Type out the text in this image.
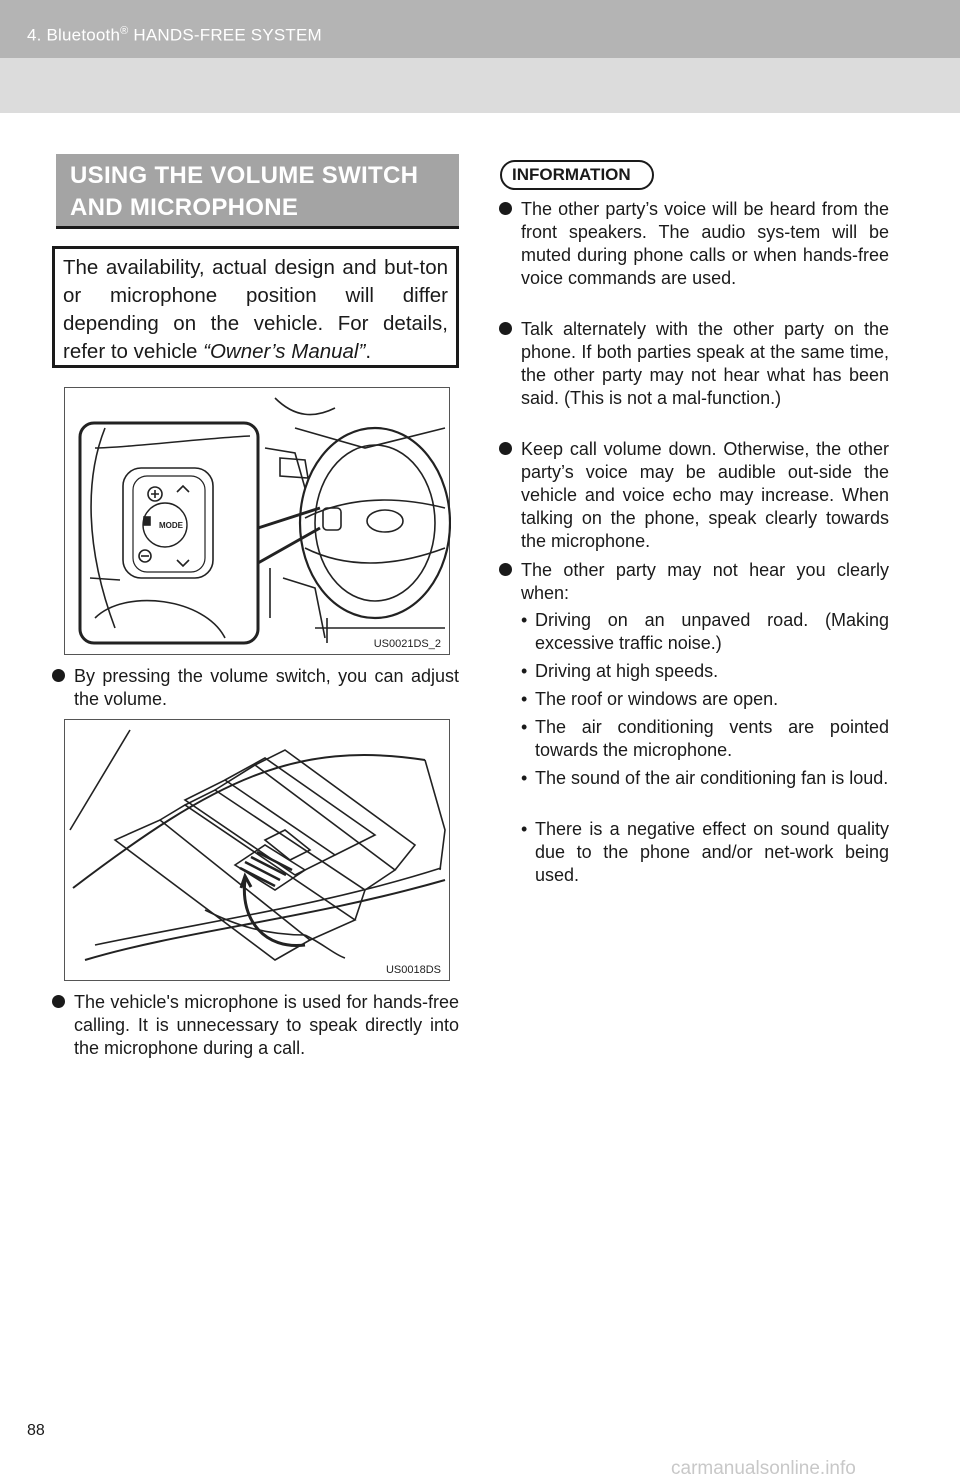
4. Bluetooth® HANDS-FREE SYSTEM
USING THE VOLUME SWITCH
AND MICROPHONE
The availability, actual design and but-ton or microphone position will differ depending on the vehicle. For details, refer to vehicle “Owner’s Manual”.
MODE
US0021DS_2
By pressing the volume switch, you can adjust the volume.
US0018DS
The vehicle's microphone is used for hands-free calling. It is unnecessary to speak directly into the microphone during a call.
INFORMATION
The other party’s voice will be heard from the front speakers. The audio sys-tem will be muted during phone calls or when hands-free voice commands are used.
Talk alternately with the other party on the phone. If both parties speak at the same time, the other party may not hear what has been said. (This is not a mal-function.)
Keep call volume down. Otherwise, the other party’s voice may be audible out-side the vehicle and voice echo may increase. When talking on the phone, speak clearly towards the microphone.
The other party may not hear you clearly when:
• Driving on an unpaved road. (Making excessive traffic noise.)
• Driving at high speeds.
• The roof or windows are open.
• The air conditioning vents are pointed towards the microphone.
• The sound of the air conditioning fan is loud.
• There is a negative effect on sound quality due to the phone and/or net-work being used.
88
carmanualsonline.info
